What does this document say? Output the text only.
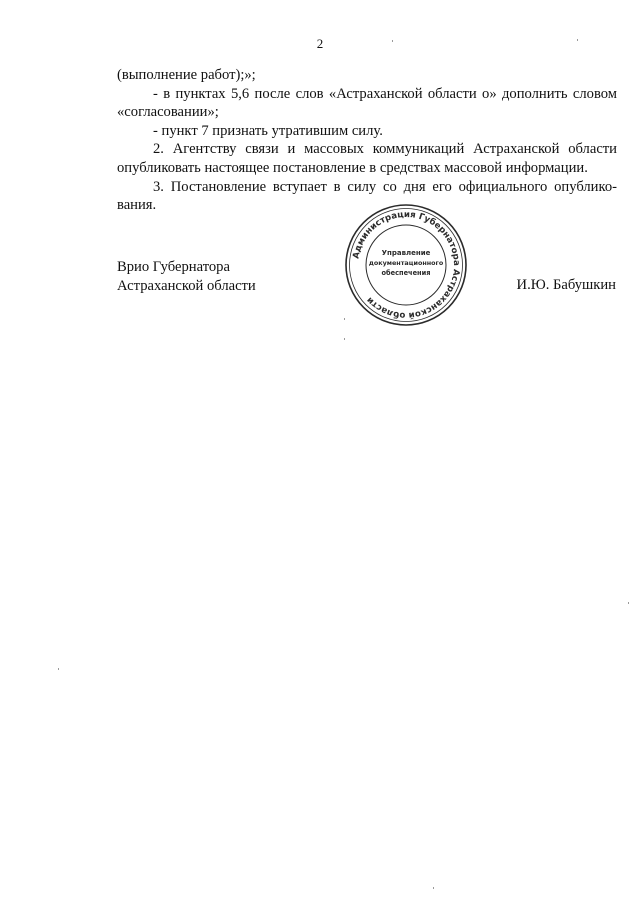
2

(выполнение работ);»;

- в пунктах 5,6 после слов «Астраханской области о» дополнить словом «согласовании»;

- пункт 7 признать утратившим силу.

2. Агентству связи и массовых коммуникаций Астраханской области опубликовать настоящее постановление в средствах массовой информации.

3. Постановление вступает в силу со дня его официального опублико-вания.

Врио Губернатора
Астраханской области
Администрация Губернатора Астраханской области
Управление
документационного
обеспечения
И.Ю. Бабушкин
